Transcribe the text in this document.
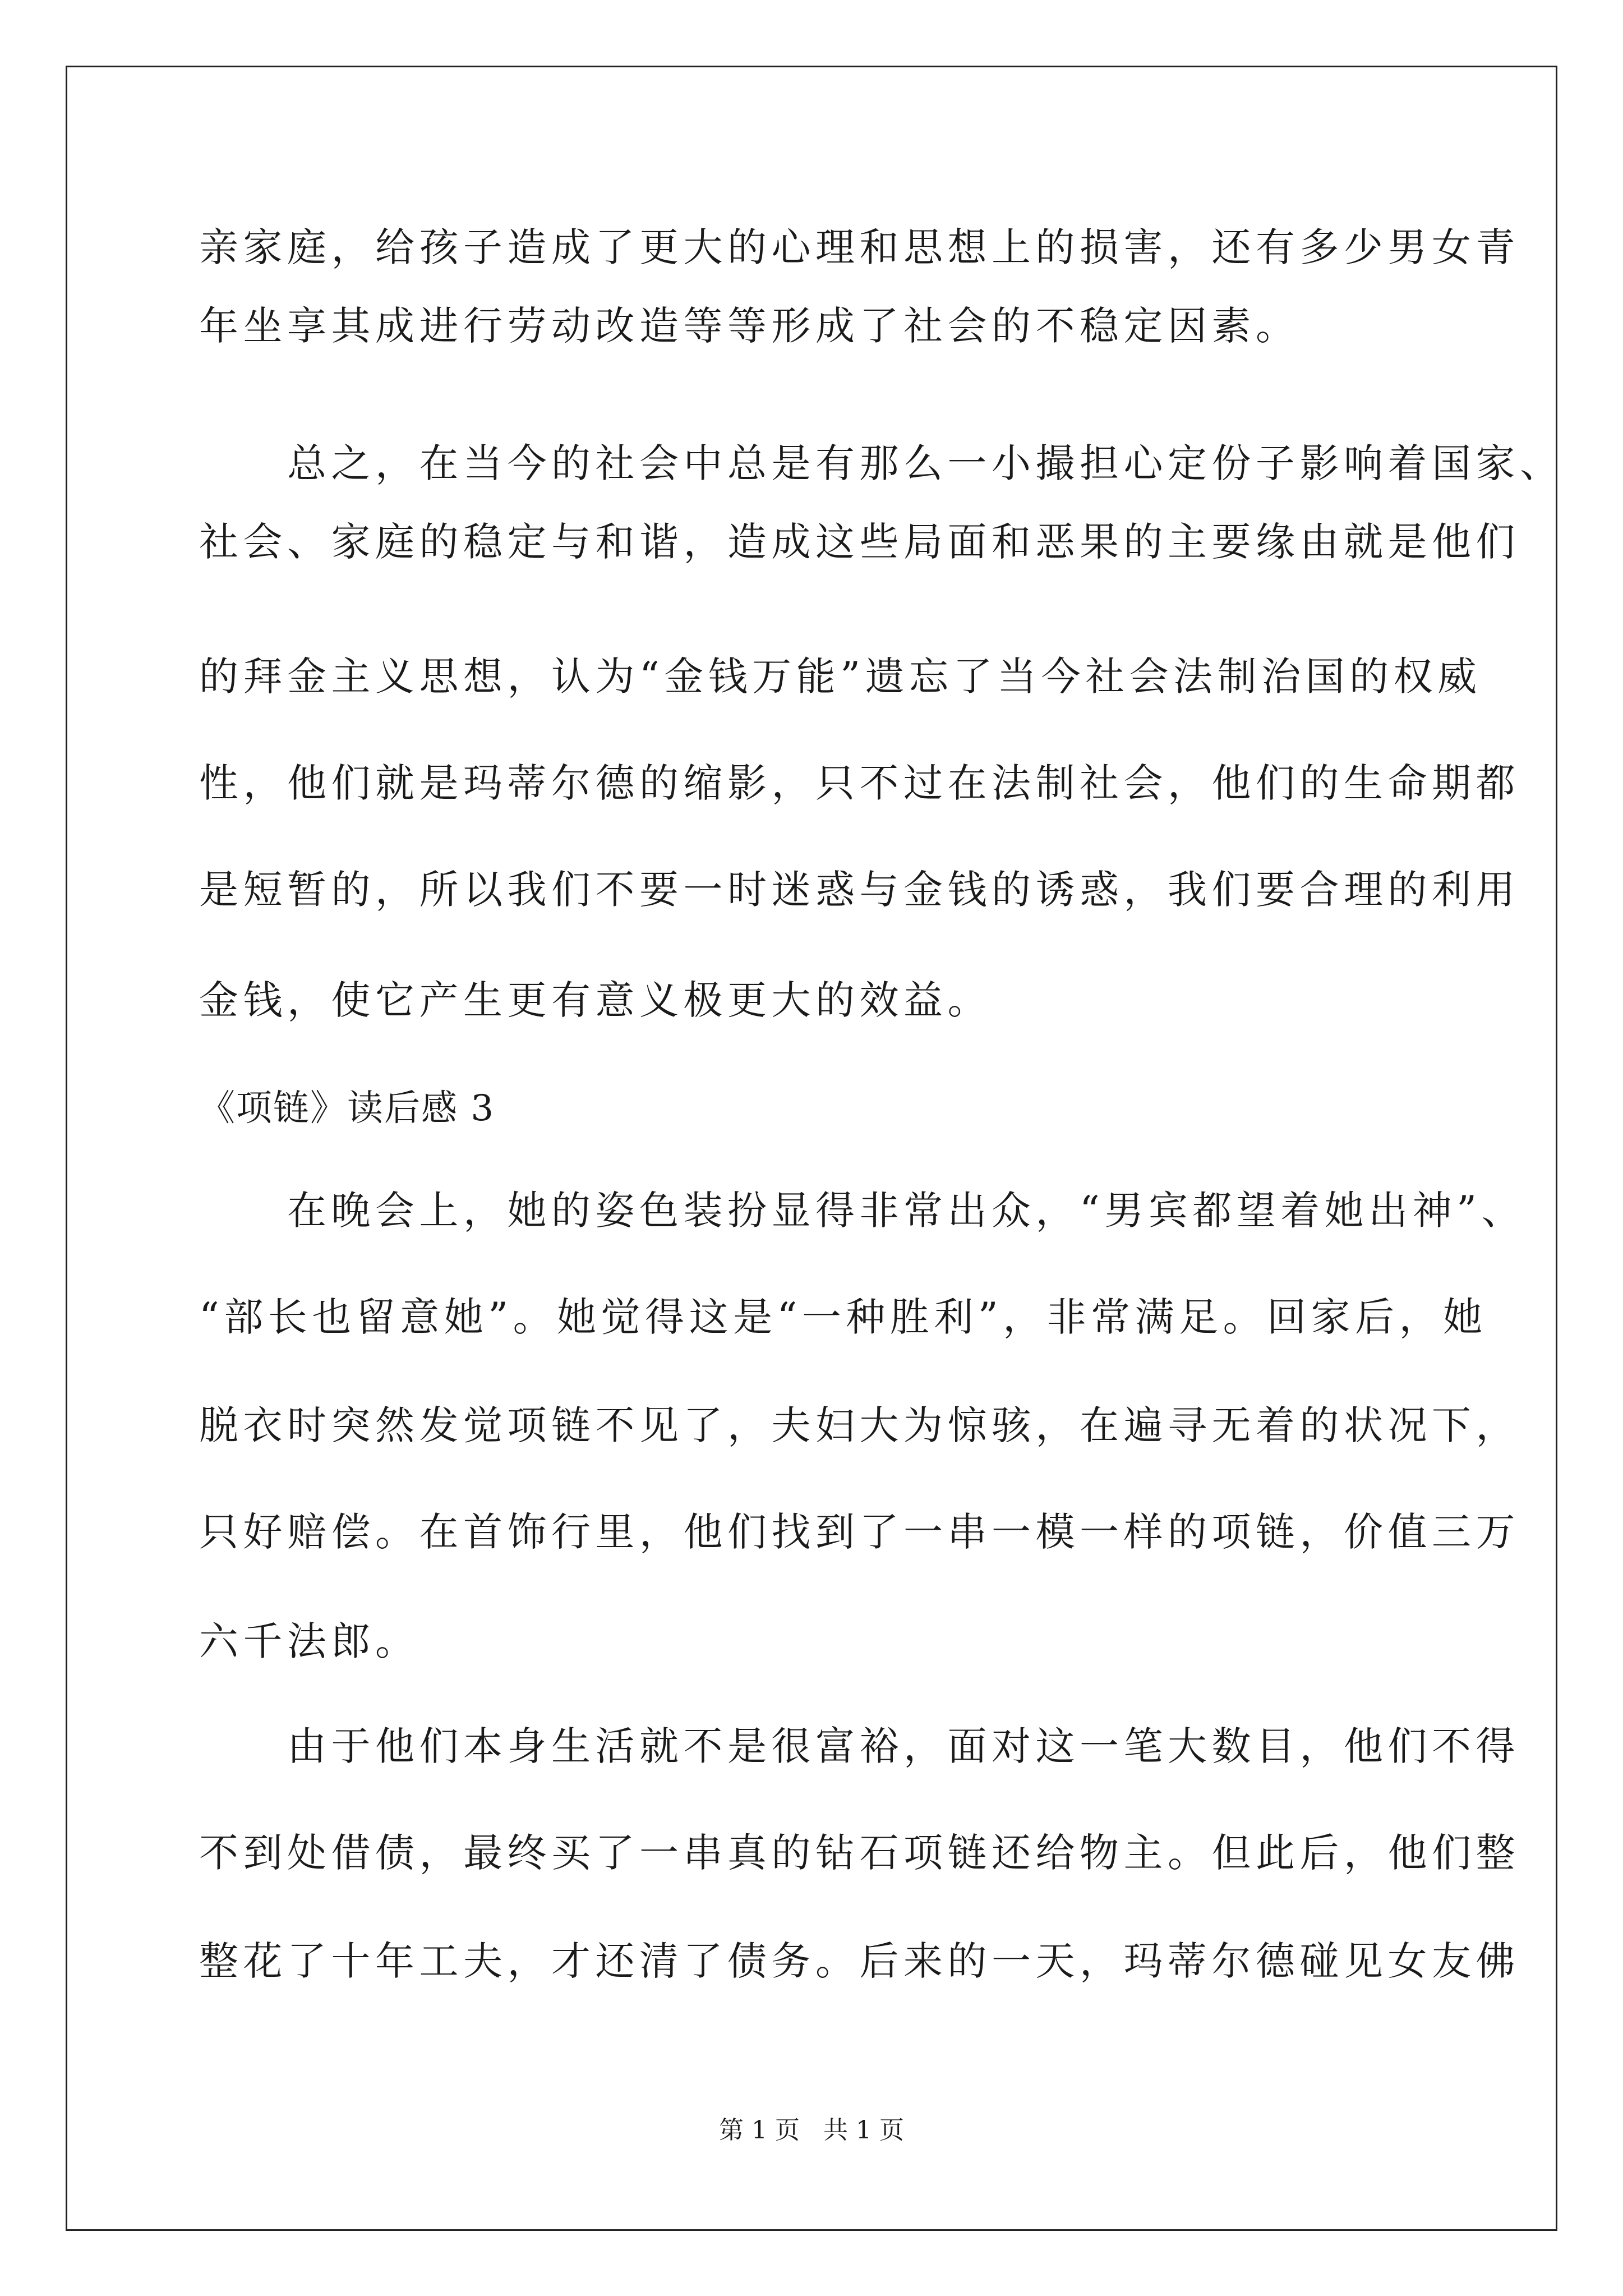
亲家庭，给孩子造成了更大的心理和思想上的损害，还有多少男女青
年坐享其成进行劳动改造等等形成了社会的不稳定因素。
　　总之，在当今的社会中总是有那么一小撮担心定份子影响着国家、
社会、家庭的稳定与和谐，造成这些局面和恶果的主要缘由就是他们
的拜金主义思想，认为“金钱万能”遗忘了当今社会法制治国的权威
性，他们就是玛蒂尔德的缩影，只不过在法制社会，他们的生命期都
是短暂的，所以我们不要一时迷惑与金钱的诱惑，我们要合理的利用
金钱，使它产生更有意义极更大的效益。
《项链》读后感 3
　　在晚会上，她的姿色装扮显得非常出众，“男宾都望着她出神”、
“部长也留意她”。她觉得这是“一种胜利”，非常满足。回家后，她
脱衣时突然发觉项链不见了，夫妇大为惊骇，在遍寻无着的状况下，
只好赔偿。在首饰行里，他们找到了一串一模一样的项链，价值三万
六千法郎。
　　由于他们本身生活就不是很富裕，面对这一笔大数目，他们不得
不到处借债，最终买了一串真的钻石项链还给物主。但此后，他们整
整花了十年工夫，才还清了债务。后来的一天，玛蒂尔德碰见女友佛
第 1 页 共 1 页
